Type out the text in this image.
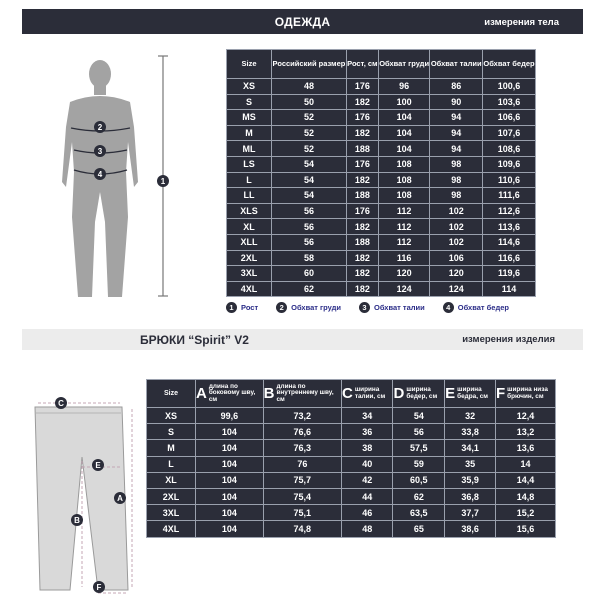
ОДЕЖДА	измерения тела
1
2
3
4
Size	Российский размер	Рост, см	Обхват груди	Обхват талии	Обхват бедер
XS	48	176	96	86	100,6
S	50	182	100	90	103,6
MS	52	176	104	94	106,6
M	52	182	104	94	107,6
ML	52	188	104	94	108,6
LS	54	176	108	98	109,6
L	54	182	108	98	110,6
LL	54	188	108	98	111,6
XLS	56	176	112	102	112,6
XL	56	182	112	102	113,6
XLL	56	188	112	102	114,6
2XL	58	182	116	106	116,6
3XL	60	182	120	120	119,6
4XL	62	182	124	124	114
1 Рост	2 Обхват груди	3 Обхват талии	4 Обхват бедер
БРЮКИ “Spirit” V2	измерения изделия
C
E
A
B
F
Size	A длина по боковому шву, см	B длина по внутреннему шву, см	C ширина талии, см	D ширина бедер, см	E ширина бедра, см	F ширина низа брючин, см

XS	99,6	73,2	34	54	32	12,4
S	104	76,6	36	56	33,8	13,2
M	104	76,3	38	57,5	34,1	13,6
L	104	76	40	59	35	14
XL	104	75,7	42	60,5	35,9	14,4
2XL	104	75,4	44	62	36,8	14,8
3XL	104	75,1	46	63,5	37,7	15,2
4XL	104	74,8	48	65	38,6	15,6
